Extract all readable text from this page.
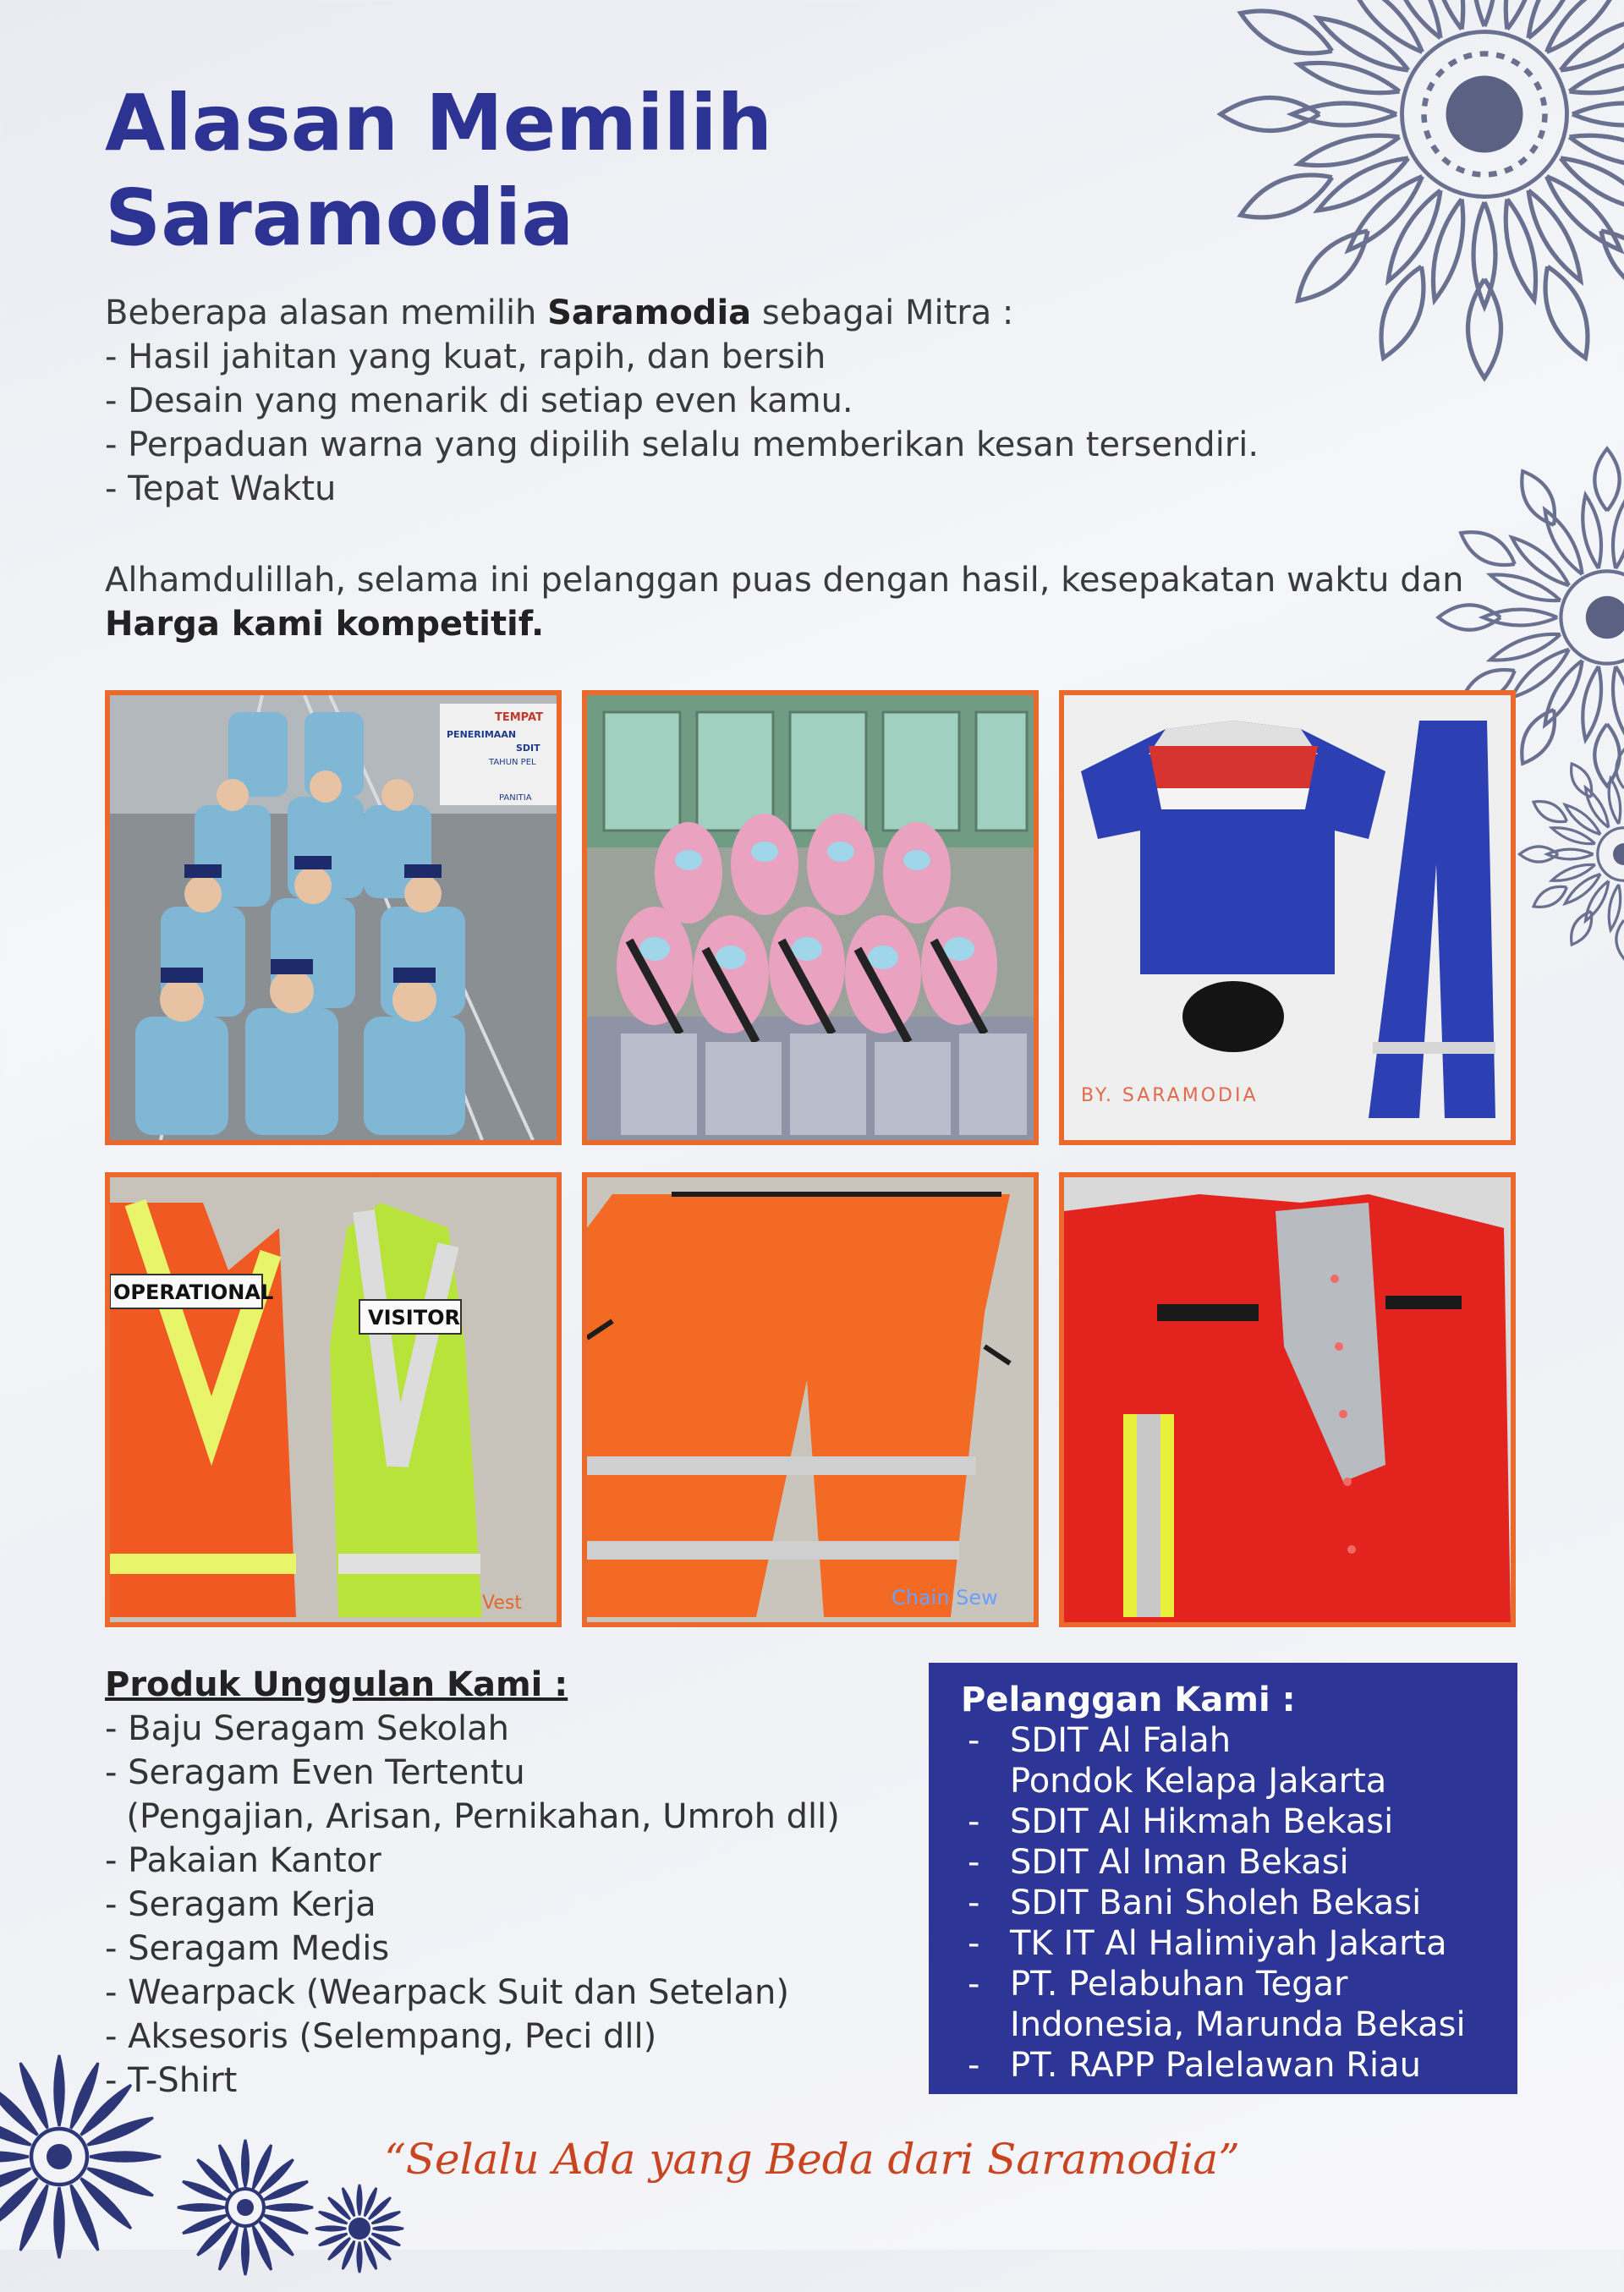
Alasan Memilih
Saramodia
Beberapa alasan memilih Saramodia sebagai Mitra :
- Hasil jahitan yang kuat, rapih, dan bersih
- Desain yang menarik di setiap even kamu.
- Perpaduan warna yang dipilih selalu memberikan kesan tersendiri.
- Tepat Waktu
Alhamdulillah, selama ini pelanggan puas dengan hasil, kesepakatan waktu dan Harga kami kompetitif.
TEMPAT
PENERIMAAN
SDIT
TAHUN PEL
PANITIA
BY. SARAMODIA
OPERATIONAL
VISITOR
Vest	Chain Sew
Produk Unggulan Kami :
- Baju Seragam Sekolah
- Seragam Even Tertentu
(Pengajian, Arisan, Pernikahan, Umroh dll)
- Pakaian Kantor
- Seragam Kerja
- Seragam Medis
- Wearpack (Wearpack Suit dan Setelan)
- Aksesoris (Selempang, Peci dll)
- T-Shirt
Pelanggan Kami :
- SDIT Al Falah
Pondok Kelapa Jakarta
- SDIT Al Hikmah Bekasi
- SDIT Al Iman Bekasi
- SDIT Bani Sholeh Bekasi
- TK IT Al Halimiyah Jakarta
- PT. Pelabuhan Tegar
Indonesia, Marunda Bekasi
- PT. RAPP Palelawan Riau
“Selalu Ada yang Beda dari Saramodia”
